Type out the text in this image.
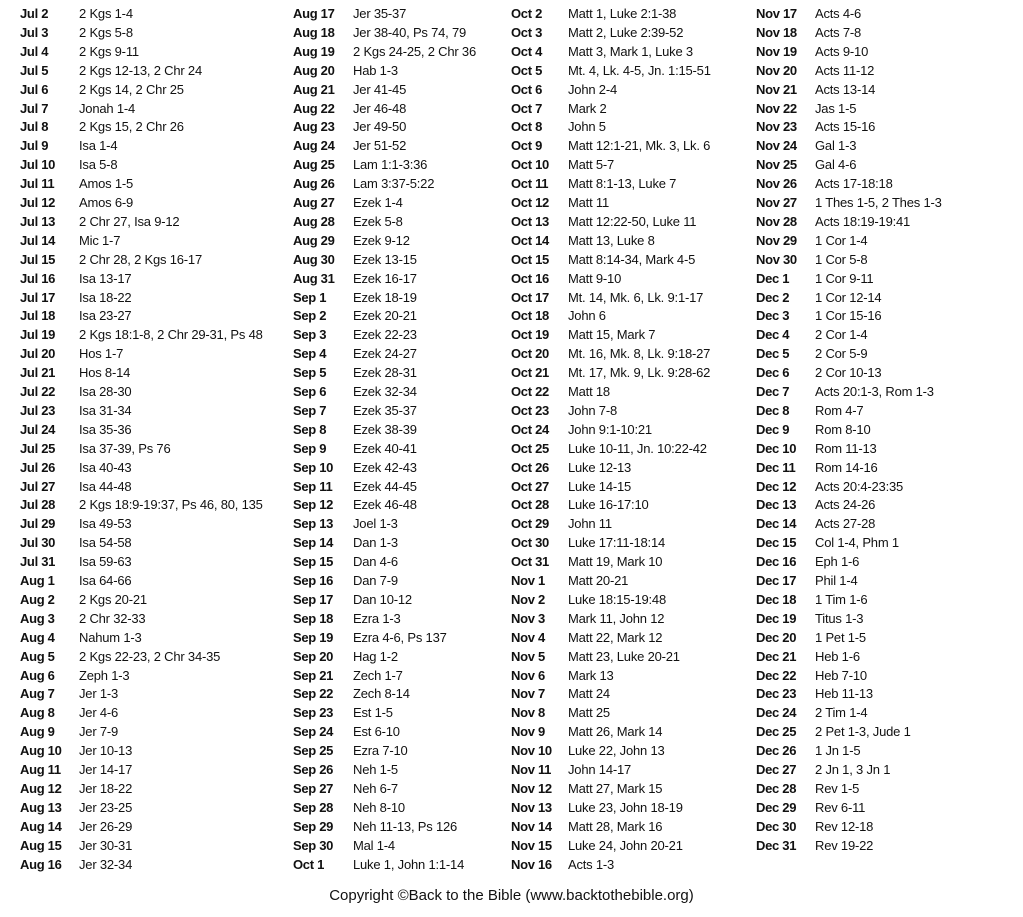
Jul 2 2 Kgs 1-4
Jul 3 2 Kgs 5-8
Jul 4 2 Kgs 9-11
Jul 5 2 Kgs 12-13, 2 Chr 24
Jul 6 2 Kgs 14, 2 Chr 25
Jul 7 Jonah 1-4
Jul 8 2 Kgs 15, 2 Chr 26
Jul 9 Isa 1-4
Jul 10 Isa 5-8
Jul 11 Amos 1-5
Jul 12 Amos 6-9
Jul 13 2 Chr 27, Isa 9-12
Jul 14 Mic 1-7
Jul 15 2 Chr 28, 2 Kgs 16-17
Jul 16 Isa 13-17
Jul 17 Isa 18-22
Jul 18 Isa 23-27
Jul 19 2 Kgs 18:1-8, 2 Chr 29-31, Ps 48
Jul 20 Hos 1-7
Jul 21 Hos 8-14
Jul 22 Isa 28-30
Jul 23 Isa 31-34
Jul 24 Isa 35-36
Jul 25 Isa 37-39, Ps 76
Jul 26 Isa 40-43
Jul 27 Isa 44-48
Jul 28 2 Kgs 18:9-19:37, Ps 46, 80, 135
Jul 29 Isa 49-53
Jul 30 Isa 54-58
Jul 31 Isa 59-63
Aug 1 Isa 64-66
Aug 2 2 Kgs 20-21
Aug 3 2 Chr 32-33
Aug 4 Nahum 1-3
Aug 5 2 Kgs 22-23, 2 Chr 34-35
Aug 6 Zeph 1-3
Aug 7 Jer 1-3
Aug 8 Jer 4-6
Aug 9 Jer 7-9
Aug 10 Jer 10-13
Aug 11 Jer 14-17
Aug 12 Jer 18-22
Aug 13 Jer 23-25
Aug 14 Jer 26-29
Aug 15 Jer 30-31
Aug 16 Jer 32-34
Aug 17 Jer 35-37
Aug 18 Jer 38-40, Ps 74, 79
Aug 19 2 Kgs 24-25, 2 Chr 36
Aug 20 Hab 1-3
Aug 21 Jer 41-45
Aug 22 Jer 46-48
Aug 23 Jer 49-50
Aug 24 Jer 51-52
Aug 25 Lam 1:1-3:36
Aug 26 Lam 3:37-5:22
Aug 27 Ezek 1-4
Aug 28 Ezek 5-8
Aug 29 Ezek 9-12
Aug 30 Ezek 13-15
Aug 31 Ezek 16-17
Sep 1 Ezek 18-19
Sep 2 Ezek 20-21
Sep 3 Ezek 22-23
Sep 4 Ezek 24-27
Sep 5 Ezek 28-31
Sep 6 Ezek 32-34
Sep 7 Ezek 35-37
Sep 8 Ezek 38-39
Sep 9 Ezek 40-41
Sep 10 Ezek 42-43
Sep 11 Ezek 44-45
Sep 12 Ezek 46-48
Sep 13 Joel 1-3
Sep 14 Dan 1-3
Sep 15 Dan 4-6
Sep 16 Dan 7-9
Sep 17 Dan 10-12
Sep 18 Ezra 1-3
Sep 19 Ezra 4-6, Ps 137
Sep 20 Hag 1-2
Sep 21 Zech 1-7
Sep 22 Zech 8-14
Sep 23 Est 1-5
Sep 24 Est 6-10
Sep 25 Ezra 7-10
Sep 26 Neh 1-5
Sep 27 Neh 6-7
Sep 28 Neh 8-10
Sep 29 Neh 11-13, Ps 126
Sep 30 Mal 1-4
Oct 1 Luke 1, John 1:1-14
Oct 2 Matt 1, Luke 2:1-38
Oct 3 Matt 2, Luke 2:39-52
Oct 4 Matt 3, Mark 1, Luke 3
Oct 5 Mt. 4, Lk. 4-5, Jn. 1:15-51
Oct 6 John 2-4
Oct 7 Mark 2
Oct 8 John 5
Oct 9 Matt 12:1-21, Mk. 3, Lk. 6
Oct 10 Matt 5-7
Oct 11 Matt 8:1-13, Luke 7
Oct 12 Matt 11
Oct 13 Matt 12:22-50, Luke 11
Oct 14 Matt 13, Luke 8
Oct 15 Matt 8:14-34, Mark 4-5
Oct 16 Matt 9-10
Oct 17 Mt. 14, Mk. 6, Lk. 9:1-17
Oct 18 John 6
Oct 19 Matt 15, Mark 7
Oct 20 Mt. 16, Mk. 8, Lk. 9:18-27
Oct 21 Mt. 17, Mk. 9, Lk. 9:28-62
Oct 22 Matt 18
Oct 23 John 7-8
Oct 24 John 9:1-10:21
Oct 25 Luke 10-11, Jn. 10:22-42
Oct 26 Luke 12-13
Oct 27 Luke 14-15
Oct 28 Luke 16-17:10
Oct 29 John 11
Oct 30 Luke 17:11-18:14
Oct 31 Matt 19, Mark 10
Nov 1 Matt 20-21
Nov 2 Luke 18:15-19:48
Nov 3 Mark 11, John 12
Nov 4 Matt 22, Mark 12
Nov 5 Matt 23, Luke 20-21
Nov 6 Mark 13
Nov 7 Matt 24
Nov 8 Matt 25
Nov 9 Matt 26, Mark 14
Nov 10 Luke 22, John 13
Nov 11 John 14-17
Nov 12 Matt 27, Mark 15
Nov 13 Luke 23, John 18-19
Nov 14 Matt 28, Mark 16
Nov 15 Luke 24, John 20-21
Nov 16 Acts 1-3
Nov 17 Acts 4-6
Nov 18 Acts 7-8
Nov 19 Acts 9-10
Nov 20 Acts 11-12
Nov 21 Acts 13-14
Nov 22 Jas 1-5
Nov 23 Acts 15-16
Nov 24 Gal 1-3
Nov 25 Gal 4-6
Nov 26 Acts 17-18:18
Nov 27 1 Thes 1-5, 2 Thes 1-3
Nov 28 Acts 18:19-19:41
Nov 29 1 Cor 1-4
Nov 30 1 Cor 5-8
Dec 1 1 Cor 9-11
Dec 2 1 Cor 12-14
Dec 3 1 Cor 15-16
Dec 4 2 Cor 1-4
Dec 5 2 Cor 5-9
Dec 6 2 Cor 10-13
Dec 7 Acts 20:1-3, Rom 1-3
Dec 8 Rom 4-7
Dec 9 Rom 8-10
Dec 10 Rom 11-13
Dec 11 Rom 14-16
Dec 12 Acts 20:4-23:35
Dec 13 Acts 24-26
Dec 14 Acts 27-28
Dec 15 Col 1-4, Phm 1
Dec 16 Eph 1-6
Dec 17 Phil 1-4
Dec 18 1 Tim 1-6
Dec 19 Titus 1-3
Dec 20 1 Pet 1-5
Dec 21 Heb 1-6
Dec 22 Heb 7-10
Dec 23 Heb 11-13
Dec 24 2 Tim 1-4
Dec 25 2 Pet 1-3, Jude 1
Dec 26 1 Jn 1-5
Dec 27 2 Jn 1, 3 Jn 1
Dec 28 Rev 1-5
Dec 29 Rev 6-11
Dec 30 Rev 12-18
Dec 31 Rev 19-22
Copyright ©Back to the Bible (www.backtothebible.org)
